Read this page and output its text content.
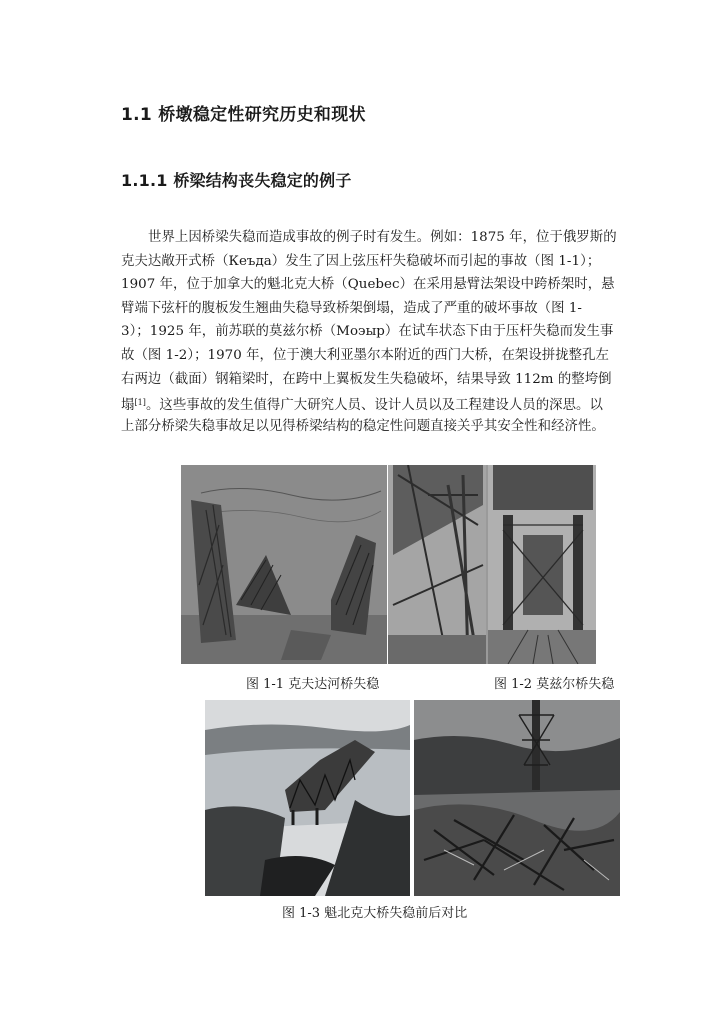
1.1 桥墩稳定性研究历史和现状
1.1.1 桥梁结构丧失稳定的例子
世界上因桥梁失稳而造成事故的例子时有发生。例如：1875 年，位于俄罗斯的
克夫达敞开式桥（Кеъда）发生了因上弦压杆失稳破坏而引起的事故（图 1-1）；
1907 年，位于加拿大的魁北克大桥（Quebec）在采用悬臂法架设中跨桥架时，悬
臂端下弦杆的腹板发生翘曲失稳导致桥架倒塌，造成了严重的破坏事故（图 1-
3）；1925 年，前苏联的莫兹尔桥（Моэыр）在试车状态下由于压杆失稳而发生事
故（图 1-2）；1970 年，位于澳大利亚墨尔本附近的西门大桥，在架设拼拢整孔左
右两边（截面）钢箱梁时，在跨中上翼板发生失稳破坏，结果导致 112m 的整垮倒
塌[1]。这些事故的发生值得广大研究人员、设计人员以及工程建设人员的深思。以
上部分桥梁失稳事故足以见得桥梁结构的稳定性问题直接关乎其安全性和经济性。
图 1-1 克夫达河桥失稳	图 1-2 莫兹尔桥失稳
图 1-3 魁北克大桥失稳前后对比
